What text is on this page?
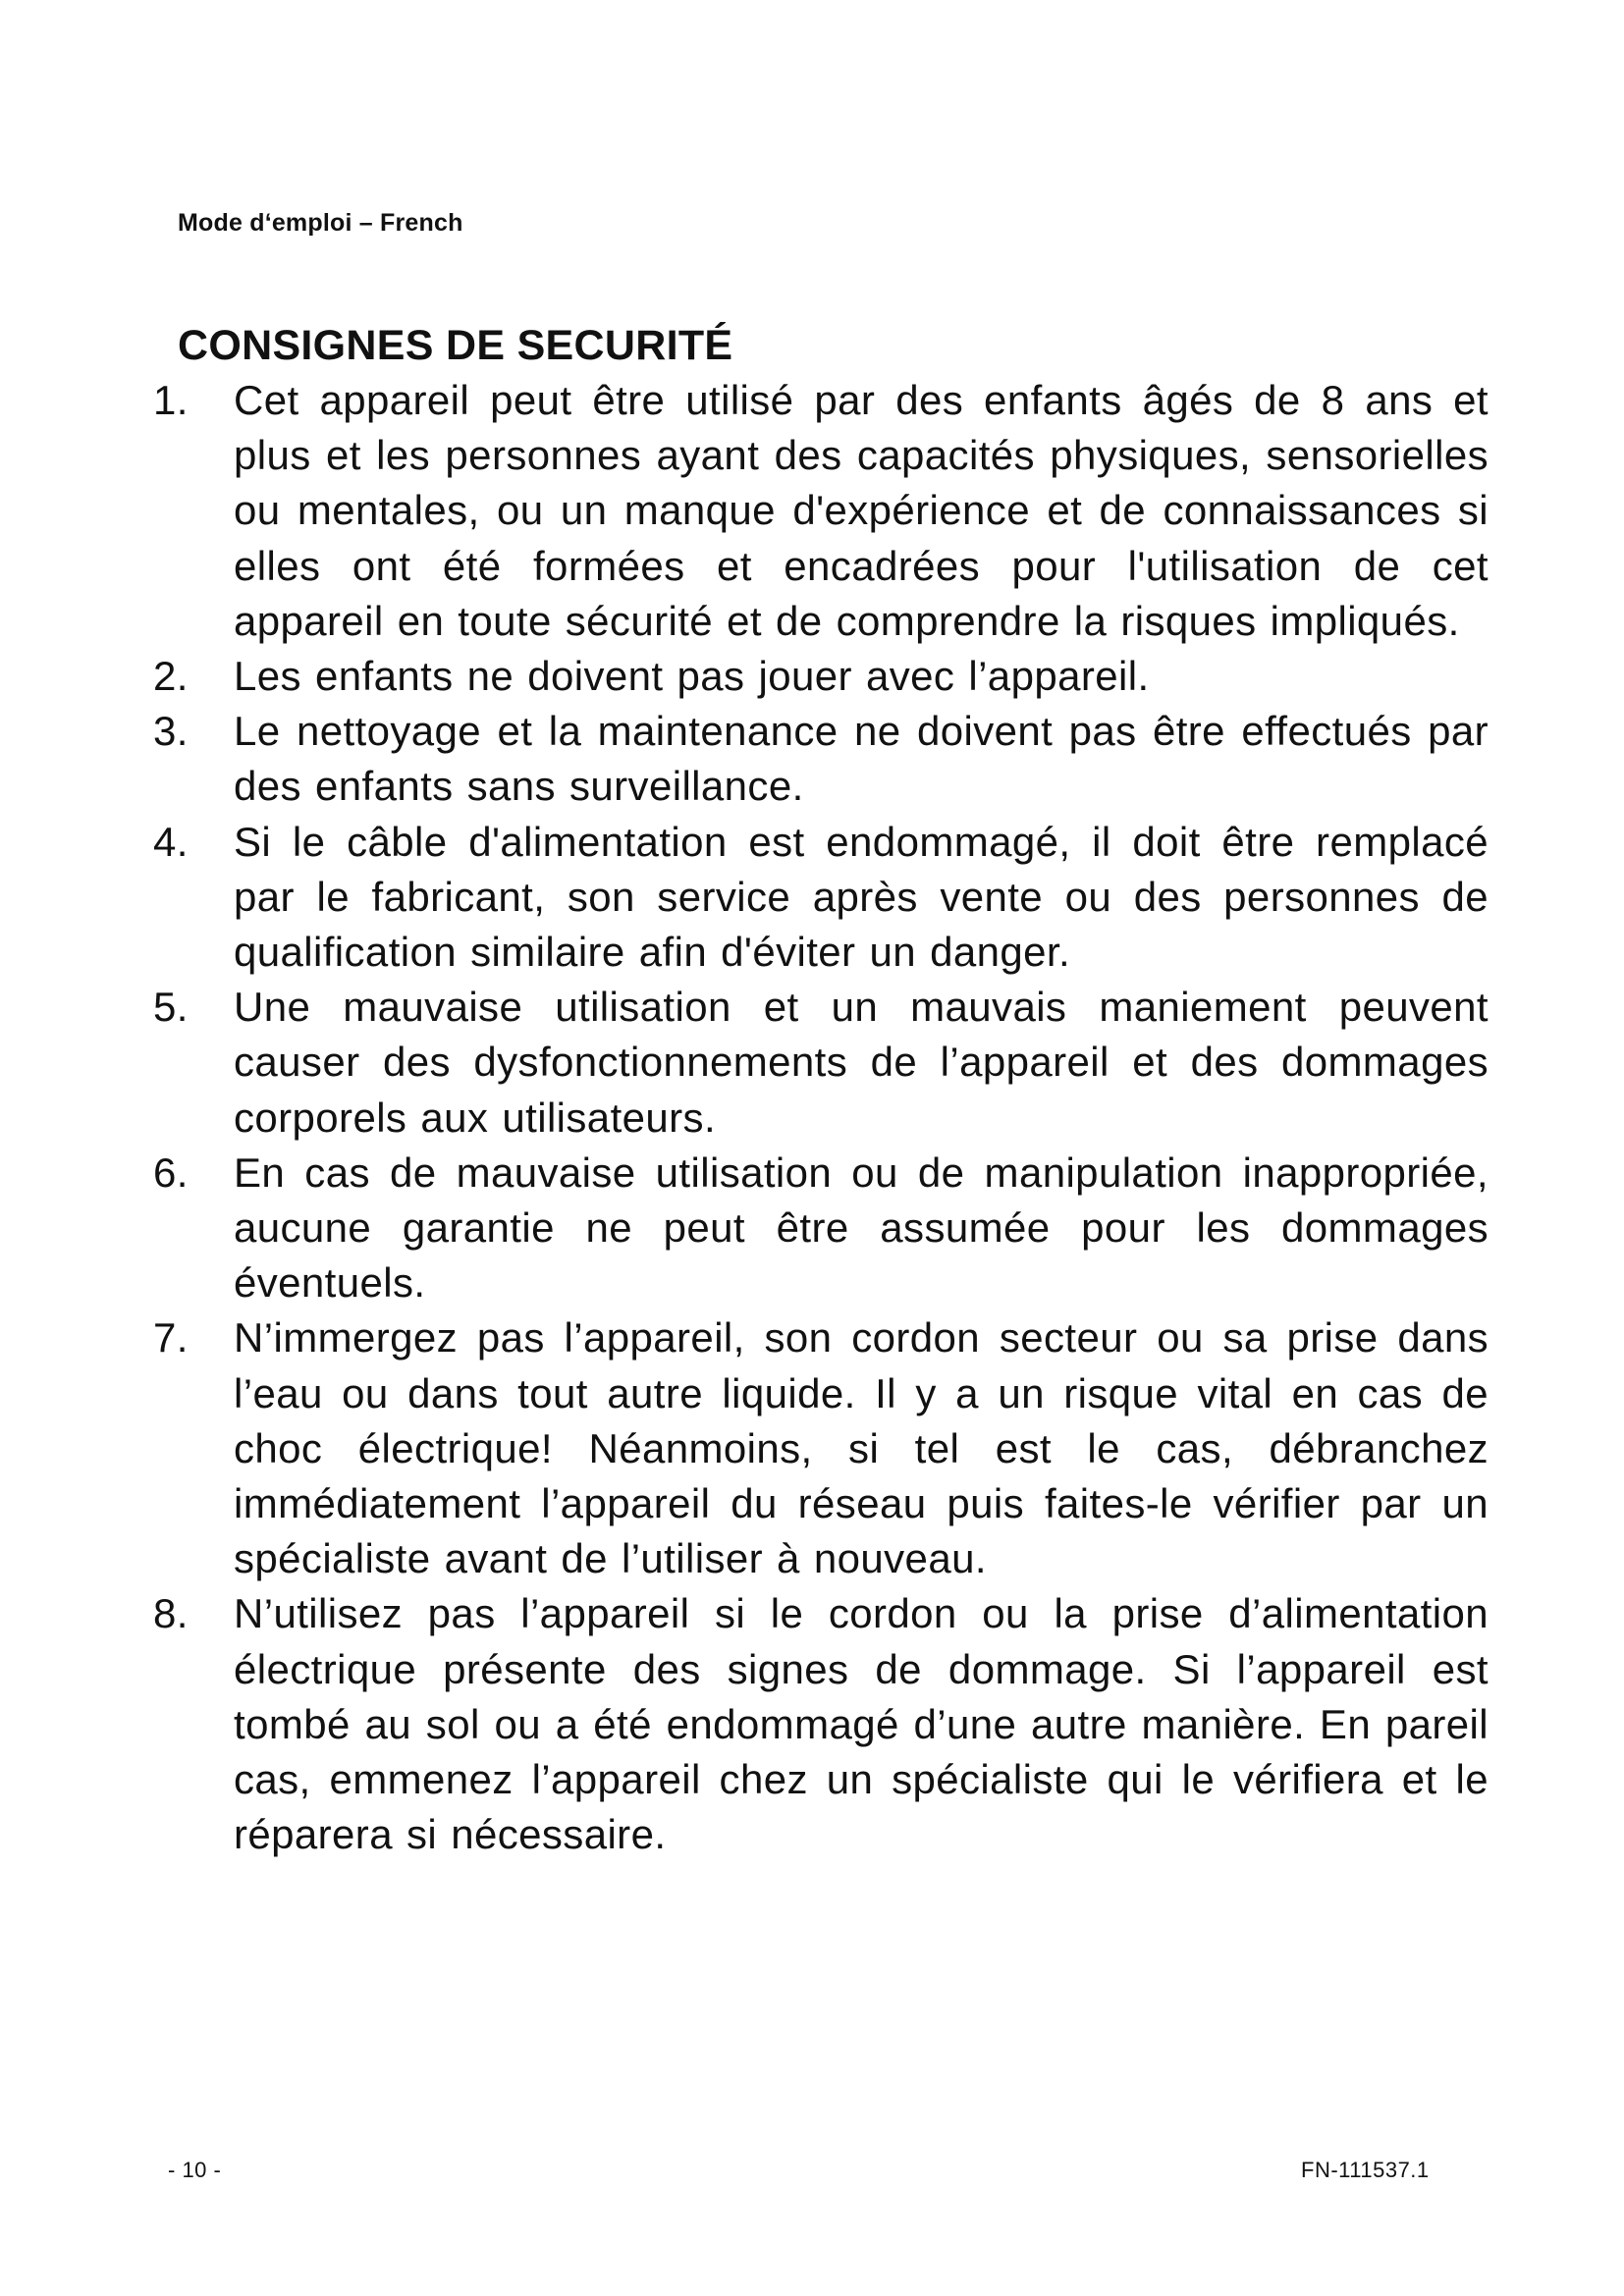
Mode d‘emploi – French
CONSIGNES DE SECURITÉ
1.	Cet appareil peut être utilisé par des enfants âgés de 8 ans et plus et les personnes ayant des capacités physiques, sensorielles ou mentales, ou un manque d'expérience et de connaissances si elles ont été formées et encadrées pour l'utilisation de cet appareil en toute sécurité et de comprendre la risques impliqués.
2.	Les enfants ne doivent pas jouer avec l’appareil.
3.	Le nettoyage et la maintenance ne doivent pas être effectués par des enfants sans surveillance.
4.	Si le câble d'alimentation est endommagé, il doit être remplacé par le fabricant, son service après vente ou des personnes de qualification similaire afin d'éviter un danger.
5.	Une mauvaise utilisation et un mauvais maniement peuvent causer des dysfonctionnements de l’appareil et des dommages corporels aux utilisateurs.
6.	En cas de mauvaise utilisation ou de manipulation inappropriée, aucune garantie ne peut être assumée pour les dommages éventuels.
7.	N’immergez pas l’appareil, son cordon secteur ou sa prise dans l’eau ou dans tout autre liquide. Il y a un risque vital en cas de choc électrique! Néanmoins, si tel est le cas, débranchez immédiatement l’appareil du réseau puis faites-le vérifier par un spécialiste avant de l’utiliser à nouveau.
8.	N’utilisez pas l’appareil si le cordon ou la prise d’alimentation électrique présente des signes de dommage. Si l’appareil est tombé au sol ou a été endommagé d’une autre manière. En pareil cas, emmenez l’appareil chez un spécialiste qui le vérifiera et le réparera si nécessaire.
- 10 -	FN-111537.1
